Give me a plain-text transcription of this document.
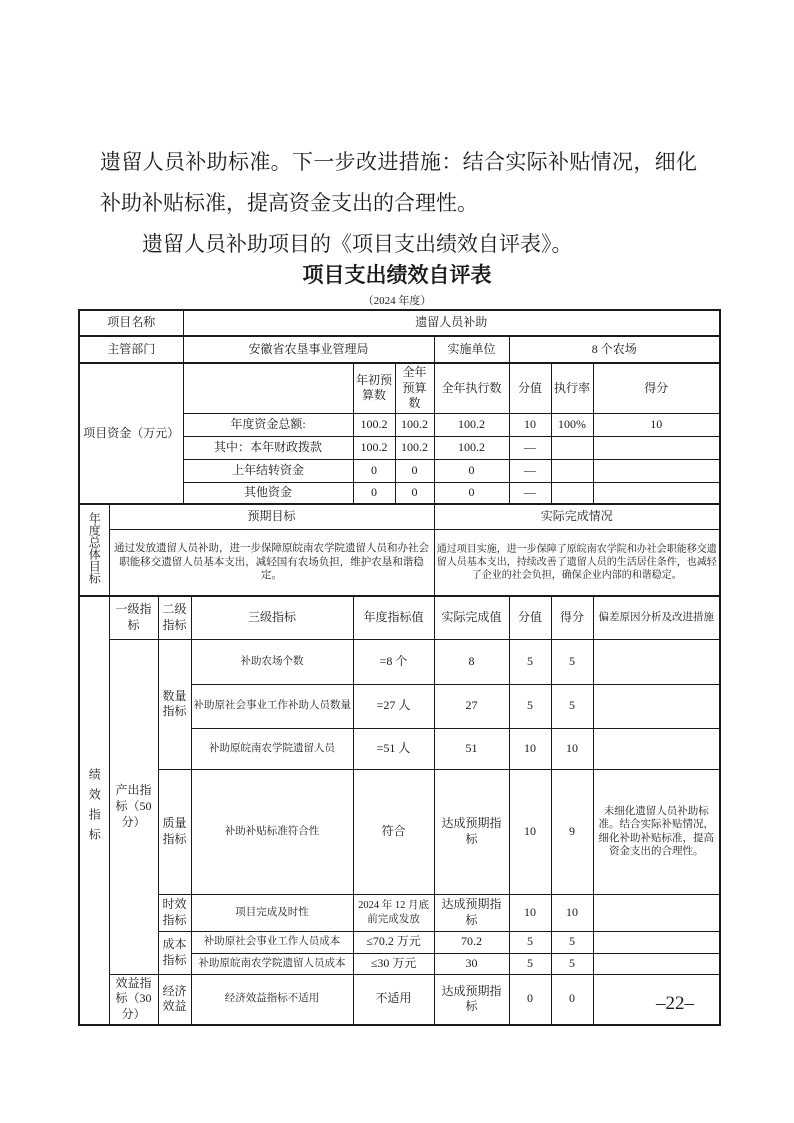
遗留人员补助标准。下一步改进措施：结合实际补贴情况，细化补助补贴标准，提高资金支出的合理性。

遗留人员补助项目的《项目支出绩效自评表》。

项目支出绩效自评表
（2024 年度）
项目名称			遗留人员补助							
主管部门			安徽省农垦事业管理局				实施单位	8 个农场		
项目资金（万元）					年初预算数	全年预算数	全年执行数	分值	执行率	得分
			年度资金总额:		100.2	100.2	100.2	10	100%	10
			其中：本年财政拨款		100.2	100.2	100.2	—		
			上年结转资金		0	0	0	—		
			其他资金		0	0	0	—		
年度总体目标	预期目标						实际完成情况			
	通过发放遗留人员补助，进一步保障原皖南农学院遗留人员和办社会职能移交遗留人员基本支出，减轻国有农场负担，维护农垦和谐稳定。						通过项目实施，进一步保障了原皖南农学院和办社会职能移交遗留人员基本支出，持续改善了遗留人员的生活居住条件，也减轻了企业的社会负担，确保企业内部的和谐稳定。			
绩效指标	一级指标	二级指标		三级指标	年度指标值		实际完成值	分值	得分	偏差原因分析及改进措施
	产出指标（50 分）	数量指标		补助农场个数	=8 个		8	5	5	
				补助原社会事业工作补助人员数量	=27 人		27	5	5	
				补助原皖南农学院遗留人员	=51 人		51	10	10	
		质量指标		补助补贴标准符合性	符合		达成预期指标	10	9	未细化遗留人员补助标准。结合实际补贴情况，细化补助补贴标准，提高资金支出的合理性。
		时效指标		项目完成及时性	2024 年 12 月底前完成发放		达成预期指标	10	10	
		成本指标		补助原社会事业工作人员成本	≤70.2 万元		70.2	5	5	
				补助原皖南农学院遗留人员成本	≤30 万元		30	5	5	
	效益指标（30 分）	经济效益		经济效益指标不适用	不适用		达成预期指标	0	0		–22–
